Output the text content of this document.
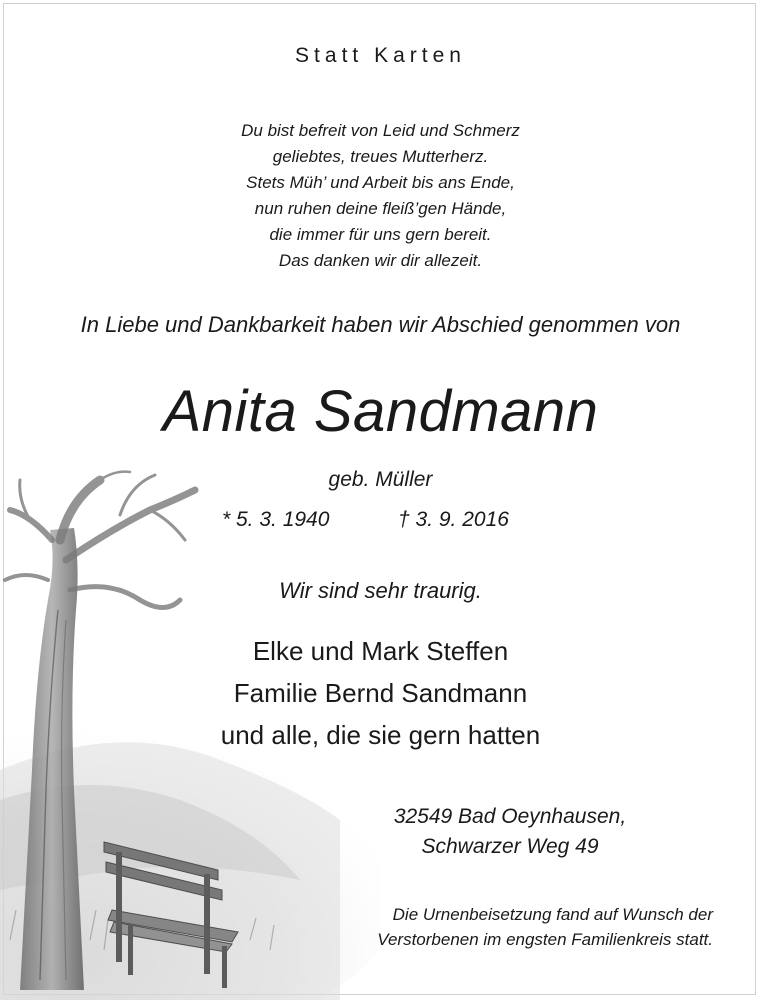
Statt Karten
Du bist befreit von Leid und Schmerz
geliebtes, treues Mutterherz.
Stets Müh’ und Arbeit bis ans Ende,
nun ruhen deine fleiß’gen Hände,
die immer für uns gern bereit.
Das danken wir dir allezeit.
In Liebe und Dankbarkeit haben wir Abschied genommen von
Anita Sandmann
geb. Müller
* 5. 3. 1940	† 3. 9. 2016
Wir sind sehr traurig.
Elke und Mark Steffen
Familie Bernd Sandmann
und alle, die sie gern hatten
32549 Bad Oeynhausen,
Schwarzer Weg 49
Die Urnenbeisetzung fand auf Wunsch der
Verstorbenen im engsten Familienkreis statt.
